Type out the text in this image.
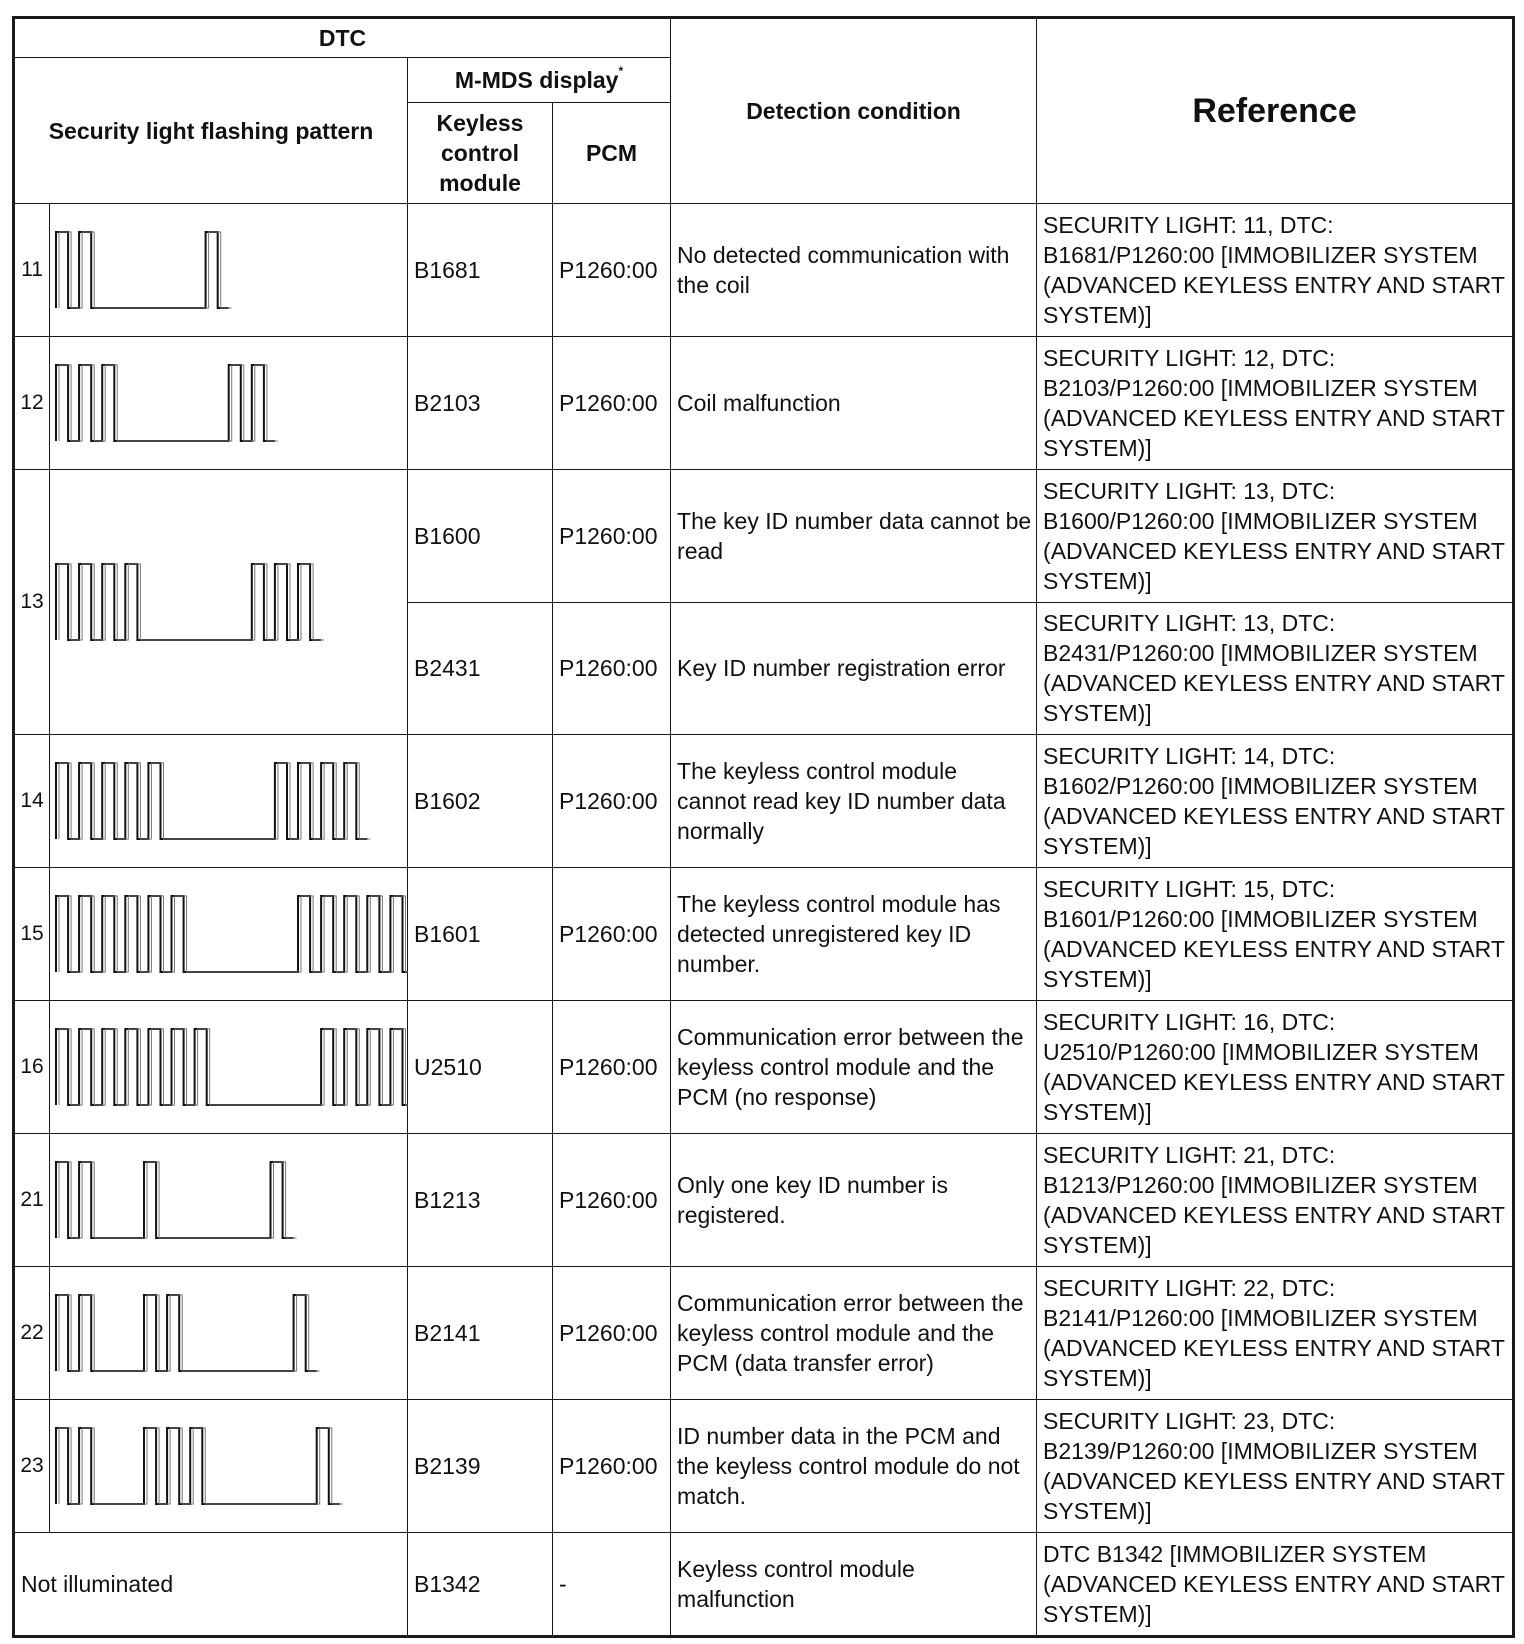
DTC				Detection condition	Reference
Security light flashing pattern		M-MDS display*
		Keyless
control
module	PCM		
11		B1681	P1260:00	No detected communication with the coil	SECURITY LIGHT: 11, DTC: B1681/P1260:00 [IMMOBILIZER SYSTEM (ADVANCED KEYLESS ENTRY AND START SYSTEM)]
12		B2103	P1260:00	Coil malfunction	SECURITY LIGHT: 12, DTC: B2103/P1260:00 [IMMOBILIZER SYSTEM (ADVANCED KEYLESS ENTRY AND START SYSTEM)]
13		B1600	P1260:00	The key ID number data cannot be read	SECURITY LIGHT: 13, DTC: B1600/P1260:00 [IMMOBILIZER SYSTEM (ADVANCED KEYLESS ENTRY AND START SYSTEM)]
		B2431	P1260:00	Key ID number registration error	SECURITY LIGHT: 13, DTC: B2431/P1260:00 [IMMOBILIZER SYSTEM (ADVANCED KEYLESS ENTRY AND START SYSTEM)]
14		B1602	P1260:00	The keyless control module cannot read key ID number data normally	SECURITY LIGHT: 14, DTC: B1602/P1260:00 [IMMOBILIZER SYSTEM (ADVANCED KEYLESS ENTRY AND START SYSTEM)]
15		B1601	P1260:00	The keyless control module has detected unregistered key ID number.	SECURITY LIGHT: 15, DTC: B1601/P1260:00 [IMMOBILIZER SYSTEM (ADVANCED KEYLESS ENTRY AND START SYSTEM)]
16		U2510	P1260:00	Communication error between the keyless control module and the PCM (no response)	SECURITY LIGHT: 16, DTC: U2510/P1260:00 [IMMOBILIZER SYSTEM (ADVANCED KEYLESS ENTRY AND START SYSTEM)]
21		B1213	P1260:00	Only one key ID number is registered.	SECURITY LIGHT: 21, DTC: B1213/P1260:00 [IMMOBILIZER SYSTEM (ADVANCED KEYLESS ENTRY AND START SYSTEM)]
22		B2141	P1260:00	Communication error between the keyless control module and the PCM (data transfer error)	SECURITY LIGHT: 22, DTC: B2141/P1260:00 [IMMOBILIZER SYSTEM (ADVANCED KEYLESS ENTRY AND START SYSTEM)]
23		B2139	P1260:00	ID number data in the PCM and the keyless control module do not match.	SECURITY LIGHT: 23, DTC: B2139/P1260:00 [IMMOBILIZER SYSTEM (ADVANCED KEYLESS ENTRY AND START SYSTEM)]
Not illuminated		B1342	-	Keyless control module malfunction	DTC B1342 [IMMOBILIZER SYSTEM (ADVANCED KEYLESS ENTRY AND START SYSTEM)]
